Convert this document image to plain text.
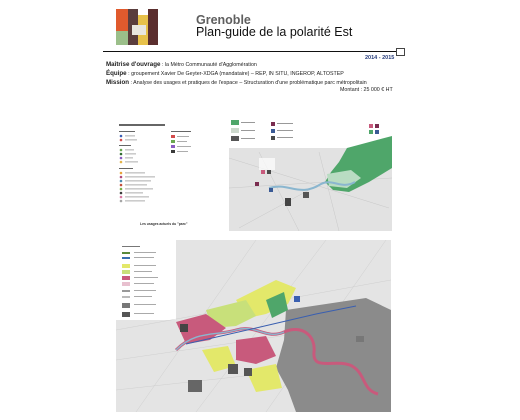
Grenoble
Plan-guide de la polarité Est
2014 - 2015
Maîtrise d'ouvrage : la Métro Communauté d'Agglomération
Équipe : groupement Xavier De Geyter-XDGA (mandataire) – REP, IN SITU, INGEROP, ALTOSTEP
Mission : Analyse des usages et pratiques de l'espace – Structuration d'une problématique parc métropolitain
Montant : 25 000 € HT
Les usages actuels du "parc"
